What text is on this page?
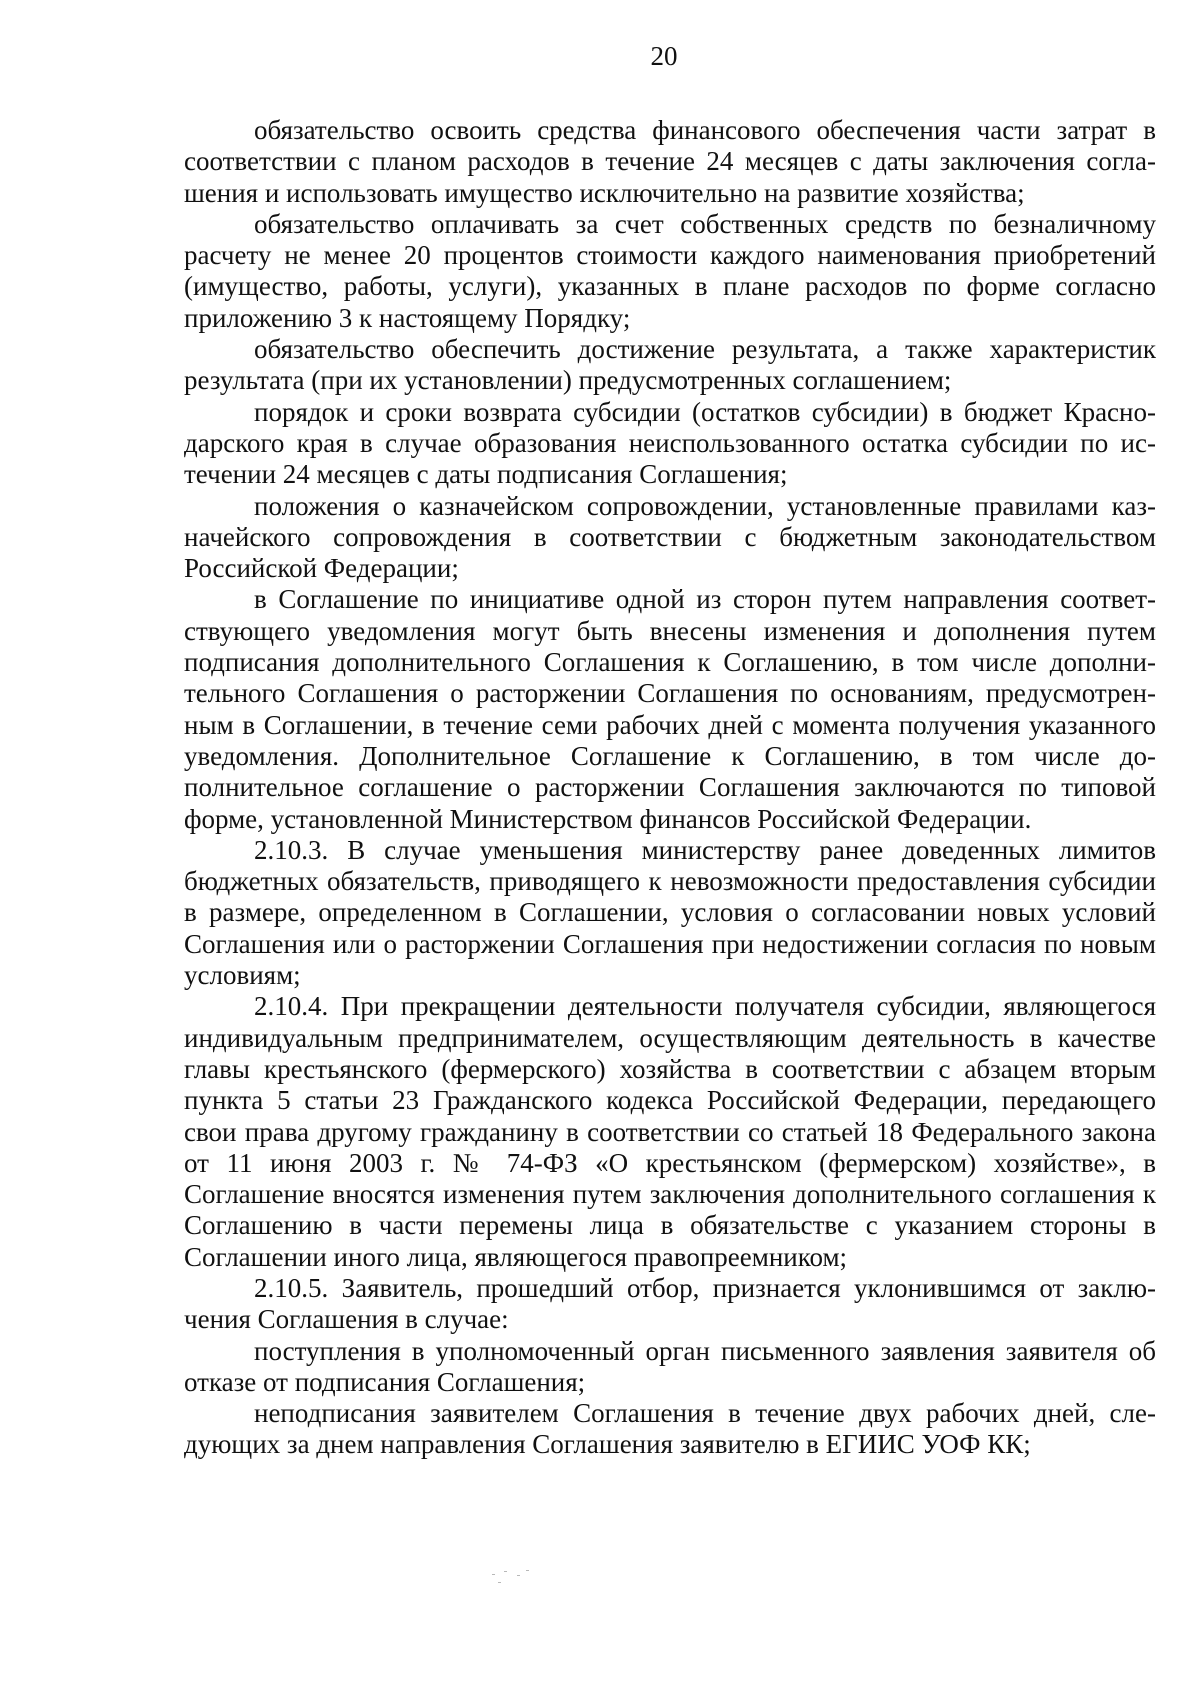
20

обязательство освоить средства финансового обеспечения части затрат в соответствии с планом расходов в течение 24 месяцев с даты заключения соглашения и использовать имущество исключительно на развитие хозяйства;

обязательство оплачивать за счет собственных средств по безналичному расчету не менее 20 процентов стоимости каждого наименования приобретений (имущество, работы, услуги), указанных в плане расходов по форме согласно приложению 3 к настоящему Порядку;

обязательство обеспечить достижение результата, а также характеристик результата (при их установлении) предусмотренных соглашением;

порядок и сроки возврата субсидии (остатков субсидии) в бюджет Краснодарского края в случае образования неиспользованного остатка субсидии по истечении 24 месяцев с даты подписания Соглашения;

положения о казначейском сопровождении, установленные правилами казначейского сопровождения в соответствии с бюджетным законодательством Российской Федерации;

в Соглашение по инициативе одной из сторон путем направления соответствующего уведомления могут быть внесены изменения и дополнения путем подписания дополнительного Соглашения к Соглашению, в том числе дополнительного Соглашения о расторжении Соглашения по основаниям, предусмотренным в Соглашении, в течение семи рабочих дней с момента получения указанного уведомления. Дополнительное Соглашение к Соглашению, в том числе дополнительное соглашение о расторжении Соглашения заключаются по типовой форме, установленной Министерством финансов Российской Федерации.

2.10.3. В случае уменьшения министерству ранее доведенных лимитов бюджетных обязательств, приводящего к невозможности предоставления субсидии в размере, определенном в Соглашении, условия о согласовании новых условий Соглашения или о расторжении Соглашения при недостижении согласия по новым условиям;

2.10.4. При прекращении деятельности получателя субсидии, являющегося индивидуальным предпринимателем, осуществляющим деятельность в качестве главы крестьянского (фермерского) хозяйства в соответствии с абзацем вторым пункта 5 статьи 23 Гражданского кодекса Российской Федерации, передающего свои права другому гражданину в соответствии со статьей 18 Федерального закона от 11 июня 2003 г. № 74-ФЗ «О крестьянском (фермерском) хозяйстве», в Соглашение вносятся изменения путем заключения дополнительного соглашения к Соглашению в части перемены лица в обязательстве с указанием стороны в Соглашении иного лица, являющегося правопреемником;

2.10.5. Заявитель, прошедший отбор, признается уклонившимся от заключения Соглашения в случае:

поступления в уполномоченный орган письменного заявления заявителя об отказе от подписания Соглашения;

неподписания заявителем Соглашения в течение двух рабочих дней, следующих за днем направления Соглашения заявителю в ЕГИИС УОФ КК;
